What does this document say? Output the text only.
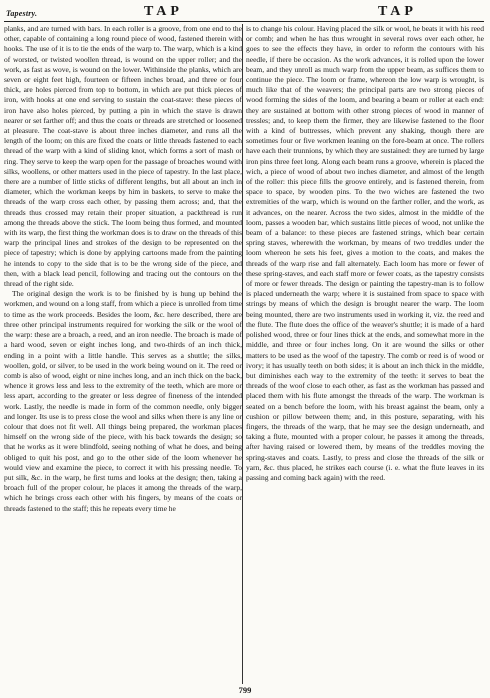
Tapestry.	TAP	TAP

planks, and are turned with bars. In each roller is a groove, from one end to the other, capable of containing a long round piece of wood, fastened therein with hooks. The use of it is to tie the ends of the warp to. The warp, which is a kind of worsted, or twisted woollen thread, is wound on the upper roller; and the work, as fast as wove, is wound on the lower. Withinside the planks, which are seven or eight feet high, fourteen or fifteen inches broad, and three or four thick, are holes pierced from top to bottom, in which are put thick pieces of iron, with hooks at one end serving to sustain the coat-stave: these pieces of iron have also holes pierced, by putting a pin in which the stave is drawn nearer or set farther off; and thus the coats or threads are stretched or loosened at pleasure. The coat-stave is about three inches diameter, and runs all the length of the loom; on this are fixed the coats or little threads fastened to each thread of the warp with a kind of sliding knot, which forms a sort of mash or ring. They serve to keep the warp open for the passage of broaches wound with silks, woollens, or other matters used in the piece of tapestry. In the last place, there are a number of little sticks of different lengths, but all about an inch in diameter, which the workman keeps by him in baskets, to serve to make the threads of the warp cross each other, by passing them across; and, that the threads thus crossed may retain their proper situation, a packthread is run among the threads above the stick. The loom being thus formed, and mounted with its warp, the first thing the workman does is to draw on the threads of this warp the principal lines and strokes of the design to be represented on the piece of tapestry; which is done by applying cartoons made from the painting he intends to copy to the side that is to be the wrong side of the piece, and then, with a black lead pencil, following and tracing out the contours on the thread of the right side.

The original design the work is to be finished by is hung up behind the workmen, and wound on a long staff, from which a piece is unrolled from time to time as the work proceeds. Besides the loom, &c. here described, there are three other principal instruments required for working the silk or the wool of the warp: these are a broach, a reed, and an iron needle. The broach is made of a hard wood, seven or eight inches long, and two-thirds of an inch thick, ending in a point with a little handle. This serves as a shuttle; the silks, woollen, gold, or silver, to be used in the work being wound on it. The reed or comb is also of wood, eight or nine inches long, and an inch thick on the back, whence it grows less and less to the extremity of the teeth, which are more or less apart, according to the greater or less degree of fineness of the intended work. Lastly, the needle is made in form of the common needle, only bigger and longer. Its use is to press close the wool and silks when there is any line or colour that does not fit well. All things being prepared, the workman places himself on the wrong side of the piece, with his back towards the design; so that he works as it were blindfold, seeing nothing of what he does, and being obliged to quit his post, and go to the other side of the loom whenever he would view and examine the piece, to correct it with his pressing needle. To put silk, &c. in the warp, he first turns and looks at the design; then, taking a broach full of the proper colour, he places it among the threads of the warp, which he brings cross each other with his fingers, by means of the coats or threads fastened to the staff; this he repeats every time he

is to change his colour. Having placed the silk or wool, he beats it with his reed or comb; and when he has thus wrought in several rows over each other, he goes to see the effects they have, in order to reform the contours with his needle, if there be occasion. As the work advances, it is rolled upon the lower beam, and they unroll as much warp from the upper beam, as suffices them to continue the piece. The loom or frame, whereon the low warp is wrought, is much like that of the weavers; the principal parts are two strong pieces of wood forming the sides of the loom, and bearing a beam or roller at each end: they are sustained at bottom with other strong pieces of wood in manner of tressles; and, to keep them the firmer, they are likewise fastened to the floor with a kind of buttresses, which prevent any shaking, though there are sometimes four or five workmen leaning on the fore-beam at once. The rollers have each their trunnions, by which they are sustained: they are turned by large iron pins three feet long. Along each beam runs a groove, wherein is placed the wich, a piece of wood of about two inches diameter, and almost of the length of the roller: this piece fills the groove entirely, and is fastened therein, from space to space, by wooden pins. To the two wiches are fastened the two extremities of the warp, which is wound on the farther roller, and the work, as it advances, on the nearer. Across the two sides, almost in the middle of the loom, passes a wooden bar, which sustains little pieces of wood, not unlike the beam of a balance: to these pieces are fastened strings, which bear certain spring staves, wherewith the workman, by means of two treddles under the loom whereon he sets his feet, gives a motion to the coats, and makes the threads of the warp rise and fall alternately. Each loom has more or fewer of these spring-staves, and each staff more or fewer coats, as the tapestry consists of more or fewer threads. The design or painting the tapestry-man is to follow is placed underneath the warp; where it is sustained from space to space with strings by means of which the design is brought nearer the warp. The loom being mounted, there are two instruments used in working it, viz. the reed and the flute. The flute does the office of the weaver's shuttle; it is made of a hard polished wood, three or four lines thick at the ends, and somewhat more in the middle, and three or four inches long. On it are wound the silks or other matters to be used as the woof of the tapestry. The comb or reed is of wood or ivory; it has usually teeth on both sides; it is about an inch thick in the middle, but diminishes each way to the extremity of the teeth: it serves to beat the threads of the woof close to each other, as fast as the workman has passed and placed them with his flute amongst the threads of the warp. The workman is seated on a bench before the loom, with his breast against the beam, only a cushion or pillow between them; and, in this posture, separating, with his fingers, the threads of the warp, that he may see the design underneath, and taking a flute, mounted with a proper colour, he passes it among the threads, after having raised or lowered them, by means of the treddles moving the spring-staves and coats. Lastly, to press and close the threads of the silk or yarn, &c. thus placed, he strikes each course (i. e. what the flute leaves in its passing and coming back again) with the reed.

799
